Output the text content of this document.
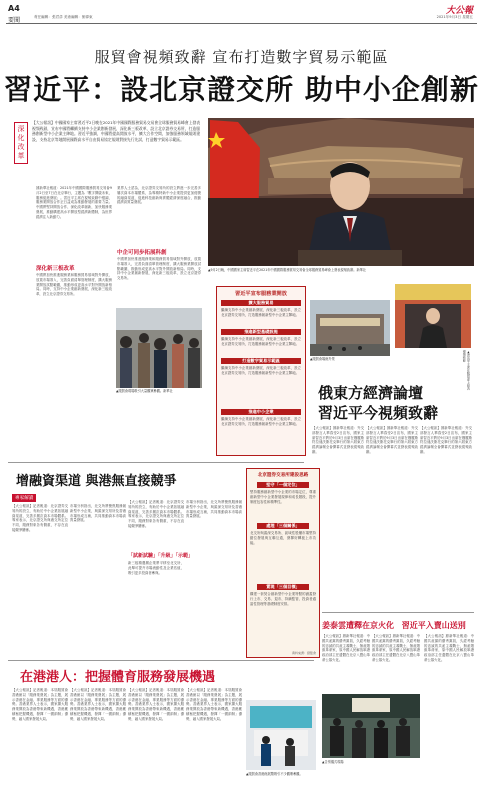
A4
要聞	責任編輯：張君彥 美術編輯：劉偉東
大公報
2021年9月3日 星期五
服貿會視頻致辭 宣布打造數字貿易示範區
習近平：設北京證交所 助中小企創新
深化改革
【大公報訊】中國國家主席習近平2日晚在2021年中國國際服務貿易交易會全球服務貿易峰會上發表視頻致辭，宣布中國將繼續支持中小企業創新發展，深化新三板改革，設立北京證券交易所，打造服務創新型中小企業主陣地。習近平強調，中國將提高開放水平，擴大合作空間，加強服務領域規則建設，支持北京等地開展國際高水平自由貿易協定規則對接先行先試，打造數字貿易示範區。
▲9月2日晚，中國國家主席習近平在2021年中國國際服務貿易交易會全球服務貿易峰會上發表視頻致辭。新華社
據新華社報道：2021年中國國際服務貿易交易會9月2日至7日在北京舉行，主題為「數字開啟未來，服務促進發展」。習近平主席在視頻致辭中強調，服務業開放合作正日益成為推動發展的重要力量。中國將堅持開放合作、深化改革創新，加快服務業發展，推動構建高水平開放型經濟新體制，為世界經濟注入新動力。
深化新三板改革
中國將加快推進服務業和服務貿易領域對外開放，放寬市場准入，完善負面清單管理制度，擴大服務業開放試點範圍，推動形成更高水平對外開放新格局。同時，支持中小企業創新發展，深化新三板改革，設立北京證券交易所。
業界人士認為，北京證券交易所的設立將進一步完善多層次資本市場體系，為專精特新中小企業提供更加便捷的融資渠道，促進科技創新與實體經濟深度融合，推動經濟高質量發展。
中企可同步拓展科創
中國將加快推進服務業和服務貿易領域對外開放，放寬市場准入，完善負面清單管理制度，擴大服務業開放試點範圍，推動形成更高水平對外開放新格局。同時，支持中小企業創新發展，深化新三板改革，設立北京證券交易所。
▲服貿會現場吸引大量觀眾參觀。新華社
▲習近平主席在服貿會上發表視頻致辭
習近平宣布服務業開放
擴大服務貿易
繼續支持中小企業創新發展，深化新三板改革，設立北京證券交易所，打造服務創新型中小企業主陣地。
推進新型基礎設施
繼續支持中小企業創新發展，深化新三板改革，設立北京證券交易所，打造服務創新型中小企業主陣地。
打造數字貿易示範區
繼續支持中小企業創新發展，深化新三板改革，設立北京證券交易所，打造服務創新型中小企業主陣地。
推進中小企業
繼續支持中小企業創新發展，深化新三板改革，設立北京證券交易所，打造服務創新型中小企業主陣地。
▲服貿會場館外景
俄東方經濟論壇
習近平今視頻致辭
【大公報訊】據新華社報道：外交部發言人華春瑩2日宣布，國家主席習近平將於9月3日出席在俄羅斯符拉迪沃斯托克舉行的第六屆東方經濟論壇全會開幕式並發表視頻致辭。
【大公報訊】據新華社報道：外交部發言人華春瑩2日宣布，國家主席習近平將於9月3日出席在俄羅斯符拉迪沃斯托克舉行的第六屆東方經濟論壇全會開幕式並發表視頻致辭。
【大公報訊】據新華社報道：外交部發言人華春瑩2日宣布，國家主席習近平將於9月3日出席在俄羅斯符拉迪沃斯托克舉行的第六屆東方經濟論壇全會開幕式並發表視頻致辭。
增融資渠道 與港無直接競爭
專家解讀
【大公報訊】記者報道：北京證券交易所的設立，有助於中小企業拓展融資渠道，完善多層次資本市場體系。專家表示，北京證交所與港交所定位不同，服務對象各有側重，不存在直接競爭關係。
市場分析指出，北交所將聚焦服務創新型中小企業，與滬深交易所及香港市場形成互補，共同推動資本市場高質量發展。
【大公報訊】記者報道：北京證券交易所的設立，有助於中小企業拓展融資渠道，完善多層次資本市場體系。專家表示，北京證交所與港交所定位不同，服務對象各有側重，不存在直接競爭關係。
「試新試驗」「升級」「示範」
新三板精選層企業將平移至北交所，此舉可提升市場流動性及企業估值，吸引更多投資者參與。
市場分析指出，北交所將聚焦服務創新型中小企業，與滬深交易所及香港市場形成互補，共同推動資本市場高質量發展。
北京證券交易所建設思路
堅守「一個定位」
堅持服務創新型中小企業的市場定位，尊重創新型中小企業發展規律和成長階段，提升制度包容性和精準性。
處理「三個關係」
北交所與滬深交易所、區域性股權市場堅持錯位發展與互聯互通，發揮好轉板上市功能。
實現「三個目標」
構建一套契合創新型中小企業特點的涵蓋發行上市、交易、退市、持續監管、投資者適當性管理等基礎制度安排。
資料來源：證監會
姜泰雲遭釋在京火化 習近平入賣山送別
【大公報訊】據新華社報道：中國共產黨的優秀黨員，久經考驗的忠誠的共產主義戰士，無產階級革命家，原中國人民解放軍總政治部主任遺體在北京八寶山革命公墓火化。
【大公報訊】據新華社報道：中國共產黨的優秀黨員，久經考驗的忠誠的共產主義戰士，無產階級革命家，原中國人民解放軍總政治部主任遺體在北京八寶山革命公墓火化。
【大公報訊】據新華社報道：中國共產黨的優秀黨員，久經考驗的忠誠的共產主義戰士，無產階級革命家，原中國人民解放軍總政治部主任遺體在北京八寶山革命公墓火化。
▲告別儀式現場
在港港人：把握體育服務發展機遇
【大公報訊】記者報道：本屆服貿會香港館以「服務業發展」為主題，展示香港在金融、專業服務等方面的優勢。香港業界人士表示，國家擴大服務業開放為香港帶來新機遇，香港應積極把握機遇，發揮「一國兩制」優勢，融入國家發展大局。
【大公報訊】記者報道：本屆服貿會香港館以「服務業發展」為主題，展示香港在金融、專業服務等方面的優勢。香港業界人士表示，國家擴大服務業開放為香港帶來新機遇，香港應積極把握機遇，發揮「一國兩制」優勢，融入國家發展大局。
【大公報訊】記者報道：本屆服貿會香港館以「服務業發展」為主題，展示香港在金融、專業服務等方面的優勢。香港業界人士表示，國家擴大服務業開放為香港帶來新機遇，香港應積極把握機遇，發揮「一國兩制」優勢，融入國家發展大局。
【大公報訊】記者報道：本屆服貿會香港館以「服務業發展」為主題，展示香港在金融、專業服務等方面的優勢。香港業界人士表示，國家擴大服務業開放為香港帶來新機遇，香港應積極把握機遇，發揮「一國兩制」優勢，融入國家發展大局。
▲服貿會香港館展覽吸引不少觀眾參觀。
